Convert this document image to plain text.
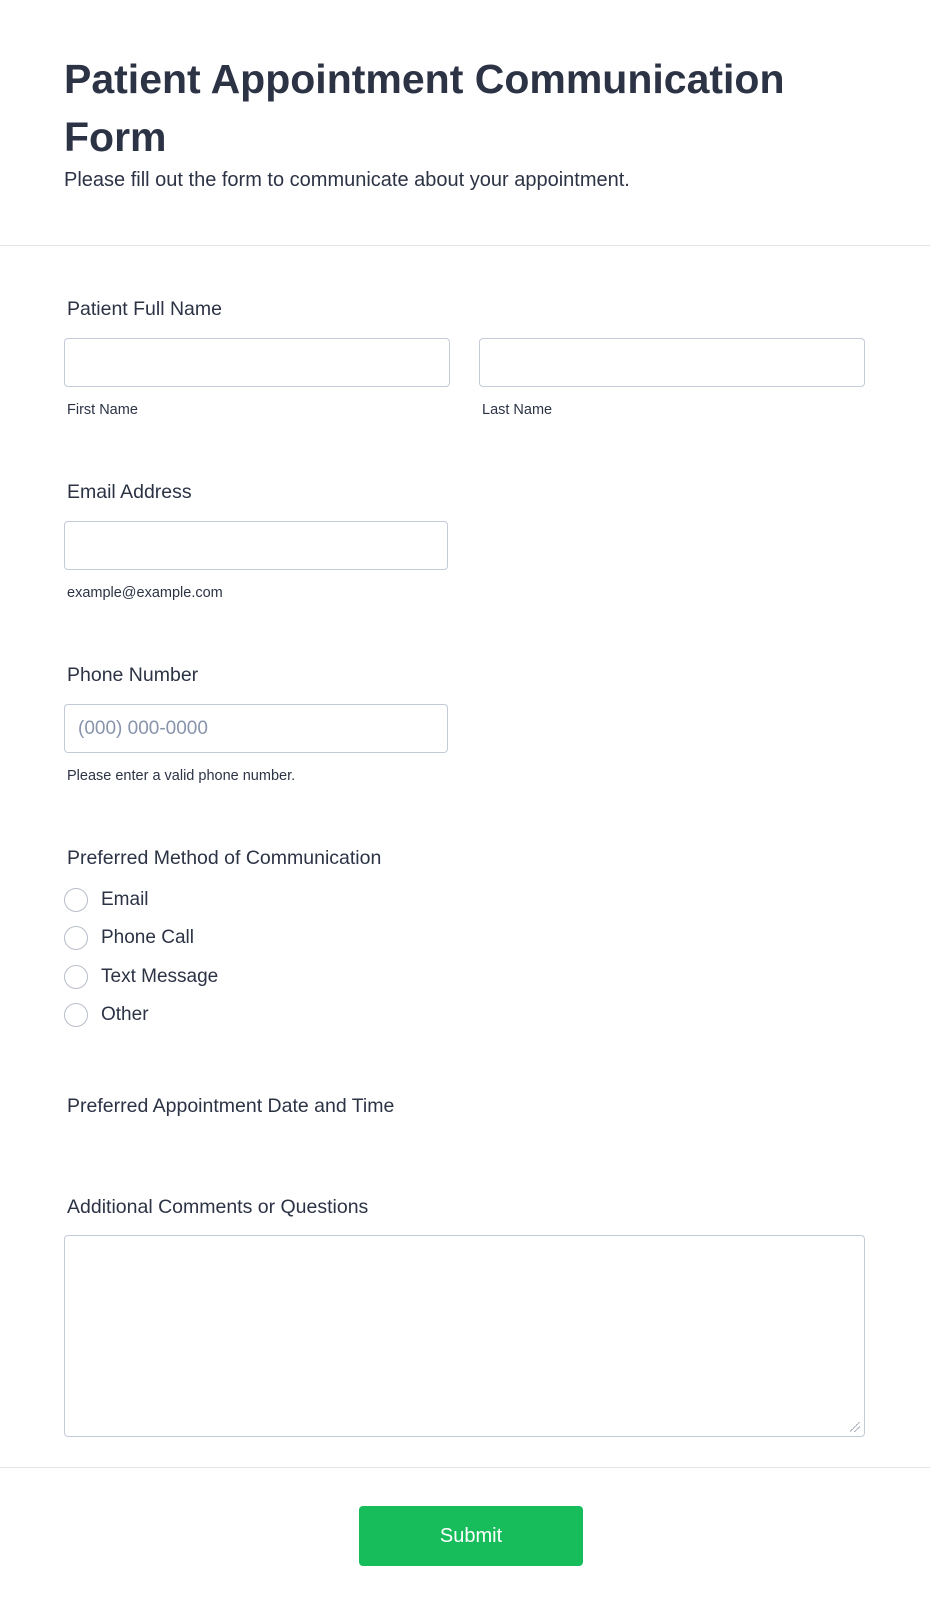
Patient Appointment Communication Form

Please fill out the form to communicate about your appointment.

Patient Full Name
First Name	Last Name
Email Address
example@example.com
Phone Number
(000) 000-0000
Please enter a valid phone number.
Preferred Method of Communication
Email
Phone Call
Text Message
Other
Preferred Appointment Date and Time
Additional Comments or Questions
Submit
